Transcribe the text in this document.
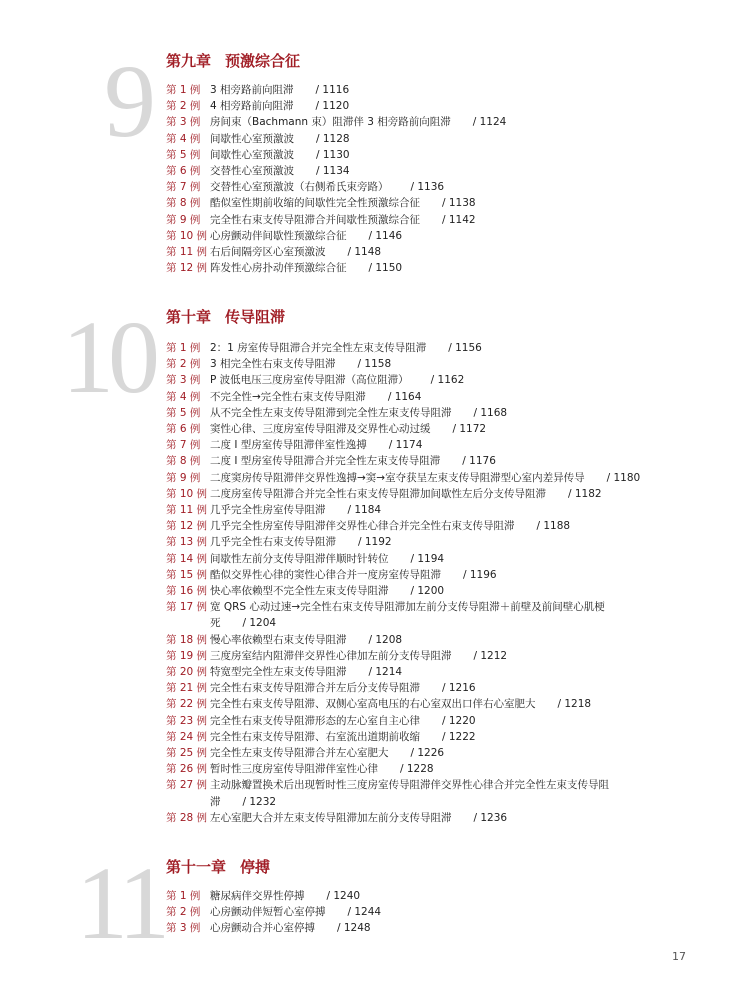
9 第九章 预激综合征
第 1 例 3 相旁路前向阻滞 / 1116
第 2 例 4 相旁路前向阻滞 / 1120
第 3 例 房间束（Bachmann 束）阻滞伴 3 相旁路前向阻滞 / 1124
第 4 例 间歇性心室预激波 / 1128
第 5 例 间歇性心室预激波 / 1130
第 6 例 交替性心室预激波 / 1134
第 7 例 交替性心室预激波（右侧希氏束旁路） / 1136
第 8 例 酷似室性期前收缩的间歇性完全性预激综合征 / 1138
第 9 例 完全性右束支传导阻滞合并间歇性预激综合征 / 1142
第 10 例 心房颤动伴间歇性预激综合征 / 1146
第 11 例 右后间隔旁区心室预激波 / 1148
第 12 例 阵发性心房扑动伴预激综合征 / 1150
10 第十章 传导阻滞
第 1 例 2：1 房室传导阻滞合并完全性左束支传导阻滞 / 1156
第 2 例 3 相完全性右束支传导阻滞 / 1158
第 3 例 P 波低电压三度房室传导阻滞（高位阻滞） / 1162
第 4 例 不完全性→完全性右束支传导阻滞 / 1164
第 5 例 从不完全性左束支传导阻滞到完全性左束支传导阻滞 / 1168
第 6 例 窦性心律、三度房室传导阻滞及交界性心动过缓 / 1172
第 7 例 二度 Ⅰ 型房室传导阻滞伴室性逸搏 / 1174
第 8 例 二度 Ⅰ 型房室传导阻滞合并完全性左束支传导阻滞 / 1176
第 9 例 二度窦房传导阻滞伴交界性逸搏→窦→室夺获呈左束支传导阻滞型心室内差异传导 / 1180
第 10 例 二度房室传导阻滞合并完全性右束支传导阻滞加间歇性左后分支传导阻滞 / 1182
第 11 例 几乎完全性房室传导阻滞 / 1184
第 12 例 几乎完全性房室传导阻滞伴交界性心律合并完全性右束支传导阻滞 / 1188
第 13 例 几乎完全性右束支传导阻滞 / 1192
第 14 例 间歇性左前分支传导阻滞伴顺时针转位 / 1194
第 15 例 酷似交界性心律的窦性心律合并一度房室传导阻滞 / 1196
第 16 例 快心率依赖型不完全性左束支传导阻滞 / 1200
第 17 例 宽 QRS 心动过速→完全性右束支传导阻滞加左前分支传导阻滞＋前壁及前间壁心肌梗死 / 1204
第 18 例 慢心率依赖型右束支传导阻滞 / 1208
第 19 例 三度房室结内阻滞伴交界性心律加左前分支传导阻滞 / 1212
第 20 例 特宽型完全性左束支传导阻滞 / 1214
第 21 例 完全性右束支传导阻滞合并左后分支传导阻滞 / 1216
第 22 例 完全性右束支传导阻滞、双侧心室高电压的右心室双出口伴右心室肥大 / 1218
第 23 例 完全性右束支传导阻滞形态的左心室自主心律 / 1220
第 24 例 完全性右束支传导阻滞、右室流出道期前收缩 / 1222
第 25 例 完全性左束支传导阻滞合并左心室肥大 / 1226
第 26 例 暂时性三度房室传导阻滞伴室性心律 / 1228
第 27 例 主动脉瓣置换术后出现暂时性三度房室传导阻滞伴交界性心律合并完全性左束支传导阻滞 / 1232
第 28 例 左心室肥大合并左束支传导阻滞加左前分支传导阻滞 / 1236
11 第十一章 停搏
第 1 例 糖尿病伴交界性停搏 / 1240
第 2 例 心房颤动伴短暂心室停搏 / 1244
第 3 例 心房颤动合并心室停搏 / 1248
17
